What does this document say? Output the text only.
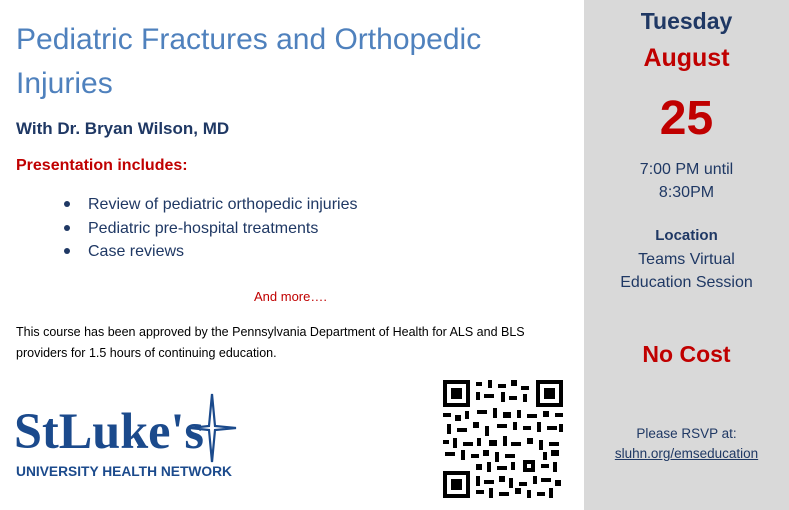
Pediatric Fractures and Orthopedic Injuries
With Dr. Bryan Wilson, MD
Presentation includes:
Review of pediatric orthopedic injuries
Pediatric pre-hospital treatments
Case reviews
And more….
This course has been approved by the Pennsylvania Department of Health for ALS and BLS providers for 1.5 hours of continuing education.
StLuke's
UNIVERSITY HEALTH NETWORK
Tuesday
August
25
7:00 PM until
8:30PM
Location
Teams Virtual
Education Session
No Cost
Please RSVP at:
sluhn.org/emseducation
